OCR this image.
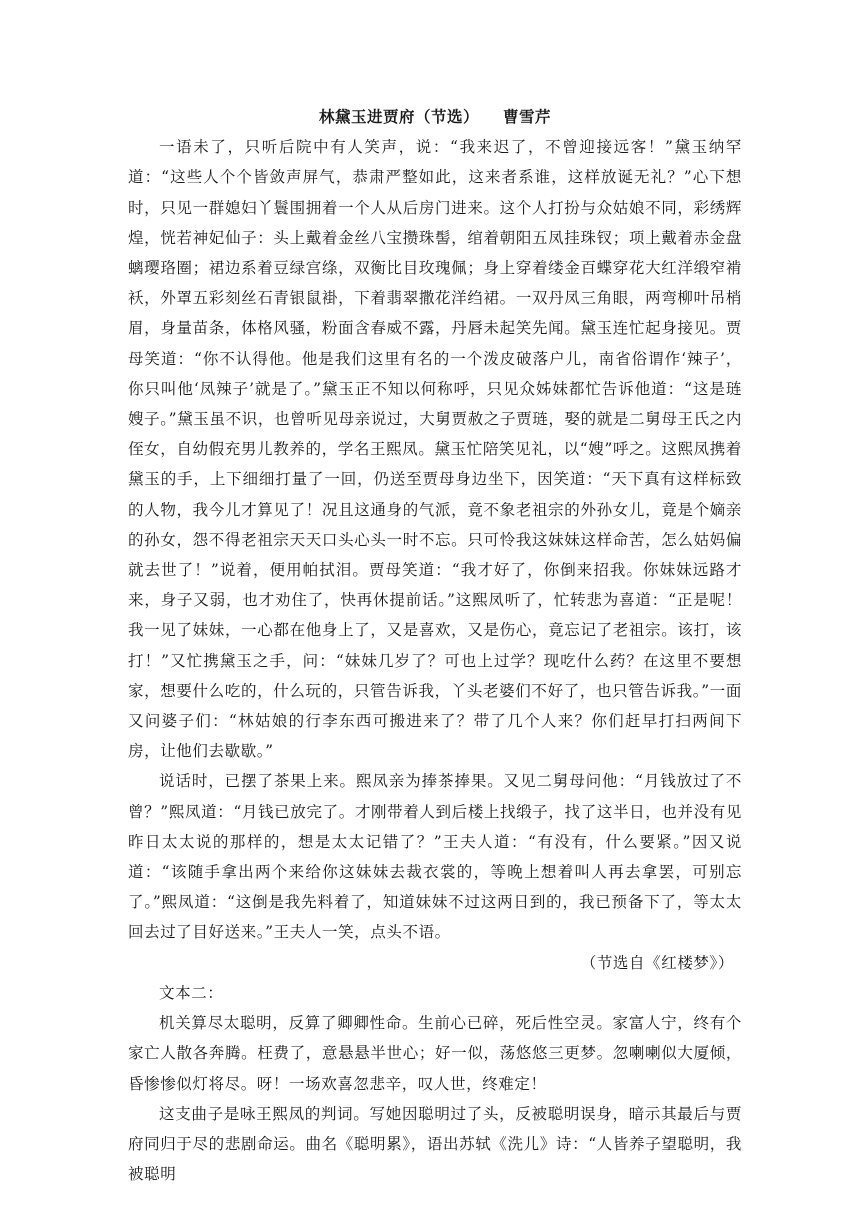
林黛玉进贾府（节选） 曹雪芹

一语未了，只听后院中有人笑声，说：“我来迟了，不曾迎接远客！”黛玉纳罕道：“这些人个个皆敛声屏气，恭肃严整如此，这来者系谁，这样放诞无礼？”心下想时，只见一群媳妇丫鬟围拥着一个人从后房门进来。这个人打扮与众姑娘不同，彩绣辉煌，恍若神妃仙子：头上戴着金丝八宝攒珠髻，绾着朝阳五凤挂珠钗；项上戴着赤金盘螭璎珞圈；裙边系着豆绿宫绦，双衡比目玫瑰佩；身上穿着缕金百蝶穿花大红洋缎窄褃袄，外罩五彩刻丝石青银鼠褂，下着翡翠撒花洋绉裙。一双丹凤三角眼，两弯柳叶吊梢眉，身量苗条，体格风骚，粉面含春威不露，丹唇未起笑先闻。黛玉连忙起身接见。贾母笑道：“你不认得他。他是我们这里有名的一个泼皮破落户儿，南省俗谓作‘辣子’，你只叫他‘凤辣子’就是了。”黛玉正不知以何称呼，只见众姊妹都忙告诉他道：“这是琏嫂子。”黛玉虽不识，也曾听见母亲说过，大舅贾赦之子贾琏，娶的就是二舅母王氏之内侄女，自幼假充男儿教养的，学名王熙凤。黛玉忙陪笑见礼，以“嫂”呼之。这熙凤携着黛玉的手，上下细细打量了一回，仍送至贾母身边坐下，因笑道：“天下真有这样标致的人物，我今儿才算见了！况且这通身的气派，竟不象老祖宗的外孙女儿，竟是个嫡亲的孙女，怨不得老祖宗天天口头心头一时不忘。只可怜我这妹妹这样命苦，怎么姑妈偏就去世了！”说着，便用帕拭泪。贾母笑道：“我才好了，你倒来招我。你妹妹远路才来，身子又弱，也才劝住了，快再休提前话。”这熙凤听了，忙转悲为喜道：“正是呢！我一见了妹妹，一心都在他身上了，又是喜欢，又是伤心，竟忘记了老祖宗。该打，该打！”又忙携黛玉之手，问：“妹妹几岁了？可也上过学？现吃什么药？在这里不要想家，想要什么吃的，什么玩的，只管告诉我，丫头老婆们不好了，也只管告诉我。”一面又问婆子们：“林姑娘的行李东西可搬进来了？带了几个人来？你们赶早打扫两间下房，让他们去歇歇。”

说话时，已摆了茶果上来。熙凤亲为捧茶捧果。又见二舅母问他：“月钱放过了不曾？”熙凤道：“月钱已放完了。才刚带着人到后楼上找缎子，找了这半日，也并没有见昨日太太说的那样的，想是太太记错了？”王夫人道：“有没有，什么要紧。”因又说道：“该随手拿出两个来给你这妹妹去裁衣裳的，等晚上想着叫人再去拿罢，可别忘了。”熙凤道：“这倒是我先料着了，知道妹妹不过这两日到的，我已预备下了，等太太回去过了目好送来。”王夫人一笑，点头不语。

（节选自《红楼梦》）

文本二：

机关算尽太聪明，反算了卿卿性命。生前心已碎，死后性空灵。家富人宁，终有个家亡人散各奔腾。枉费了，意悬悬半世心；好一似，荡悠悠三更梦。忽喇喇似大厦倾，昏惨惨似灯将尽。呀！一场欢喜忽悲辛，叹人世，终难定！

这支曲子是咏王熙凤的判词。写她因聪明过了头，反被聪明误身，暗示其最后与贾府同归于尽的悲剧命运。曲名《聪明累》，语出苏轼《洗儿》诗：“人皆养子望聪明，我被聪明
